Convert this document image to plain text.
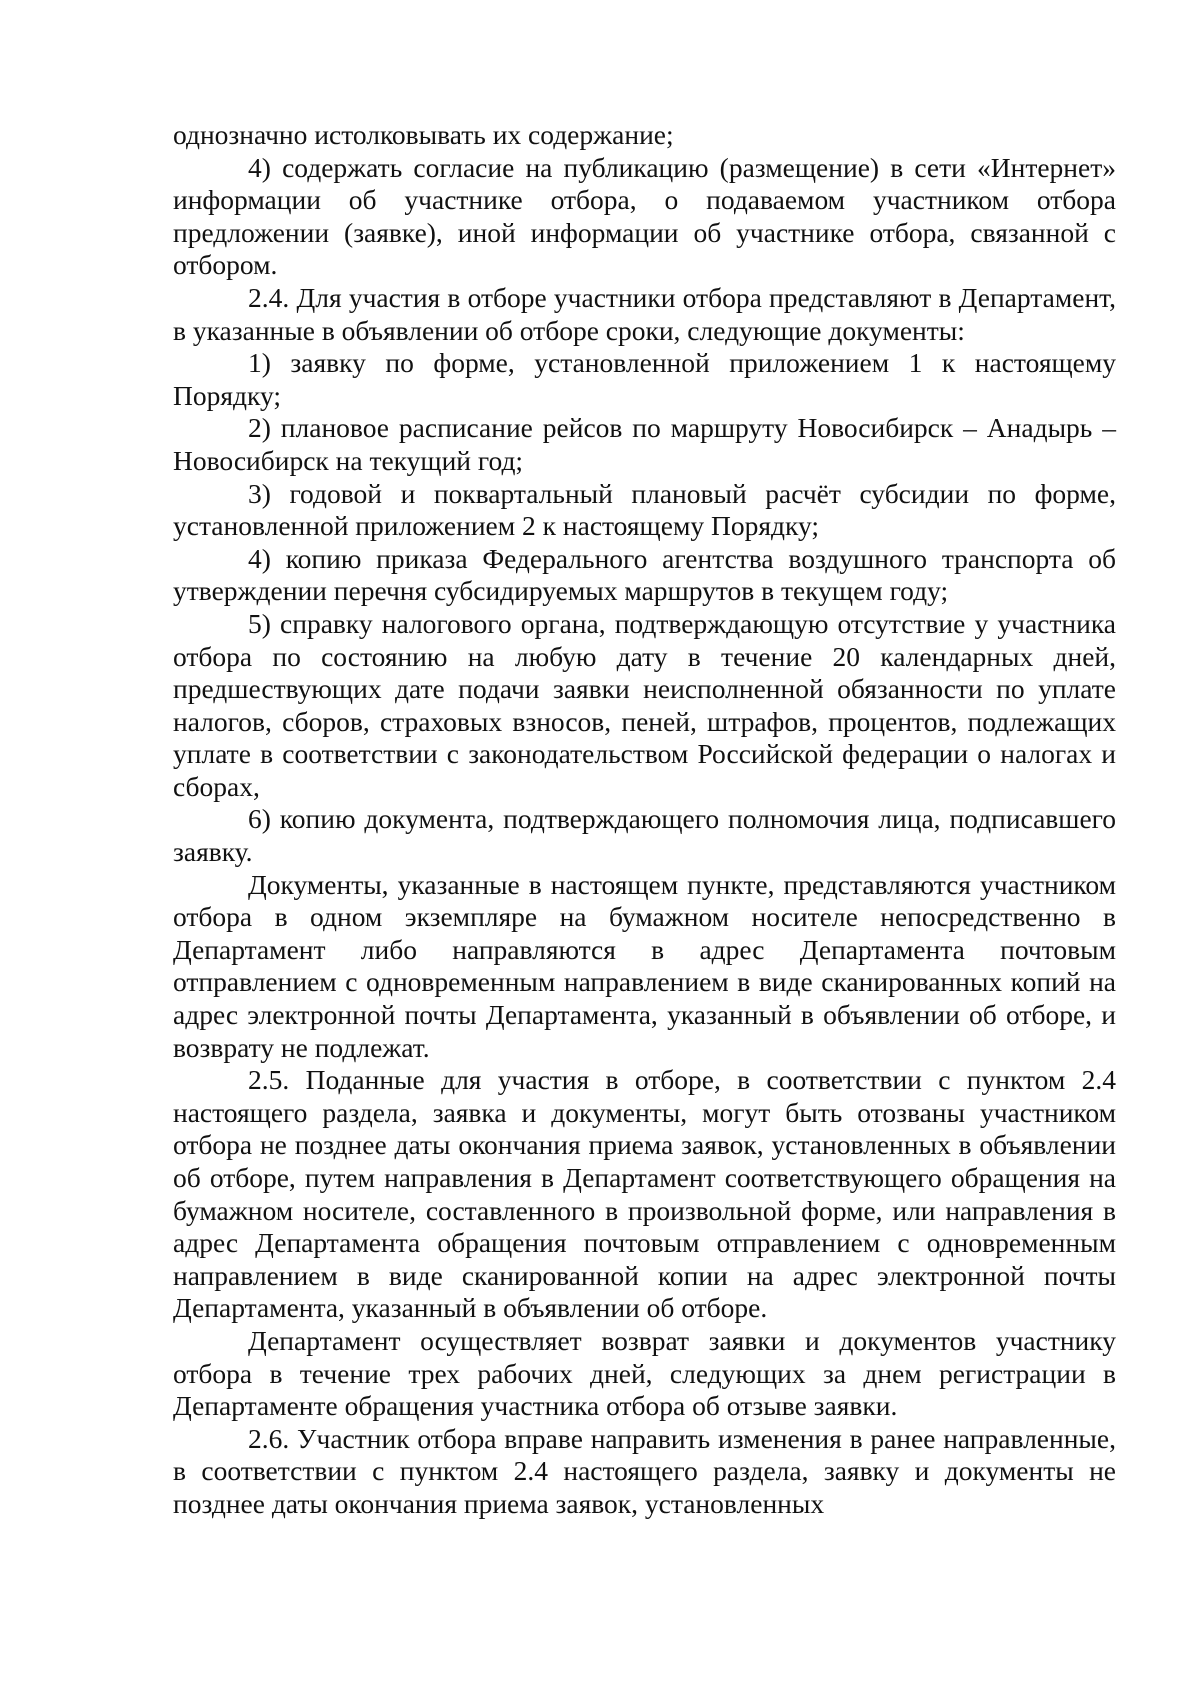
однозначно истолковывать их содержание;

4) содержать согласие на публикацию (размещение) в сети «Интернет» информации об участнике отбора, о подаваемом участником отбора предложении (заявке), иной информации об участнике отбора, связанной с отбором.

2.4. Для участия в отборе участники отбора представляют в Департамент, в указанные в объявлении об отборе сроки, следующие документы:

1) заявку по форме, установленной приложением 1 к настоящему Порядку;

2) плановое расписание рейсов по маршруту Новосибирск – Анадырь – Новосибирск на текущий год;

3) годовой и поквартальный плановый расчёт субсидии по форме, установленной приложением 2 к настоящему Порядку;

4) копию приказа Федерального агентства воздушного транспорта об утверждении перечня субсидируемых маршрутов в текущем году;

5) справку налогового органа, подтверждающую отсутствие у участника отбора по состоянию на любую дату в течение 20 календарных дней, предшествующих дате подачи заявки неисполненной обязанности по уплате налогов, сборов, страховых взносов, пеней, штрафов, процентов, подлежащих уплате в соответствии с законодательством Российской федерации о налогах и сборах,

6) копию документа, подтверждающего полномочия лица, подписавшего заявку.

Документы, указанные в настоящем пункте, представляются участником отбора в одном экземпляре на бумажном носителе непосредственно в Департамент либо направляются в адрес Департамента почтовым отправлением с одновременным направлением в виде сканированных копий на адрес электронной почты Департамента, указанный в объявлении об отборе, и возврату не подлежат.

2.5. Поданные для участия в отборе, в соответствии с пунктом 2.4 настоящего раздела, заявка и документы, могут быть отозваны участником отбора не позднее даты окончания приема заявок, установленных в объявлении об отборе, путем направления в Департамент соответствующего обращения на бумажном носителе, составленного в произвольной форме, или направления в адрес Департамента обращения почтовым отправлением с одновременным направлением в виде сканированной копии на адрес электронной почты Департамента, указанный в объявлении об отборе.

Департамент осуществляет возврат заявки и документов участнику отбора в течение трех рабочих дней, следующих за днем регистрации в Департаменте обращения участника отбора об отзыве заявки.

2.6. Участник отбора вправе направить изменения в ранее направленные, в соответствии с пунктом 2.4 настоящего раздела, заявку и документы не позднее даты окончания приема заявок, установленных
